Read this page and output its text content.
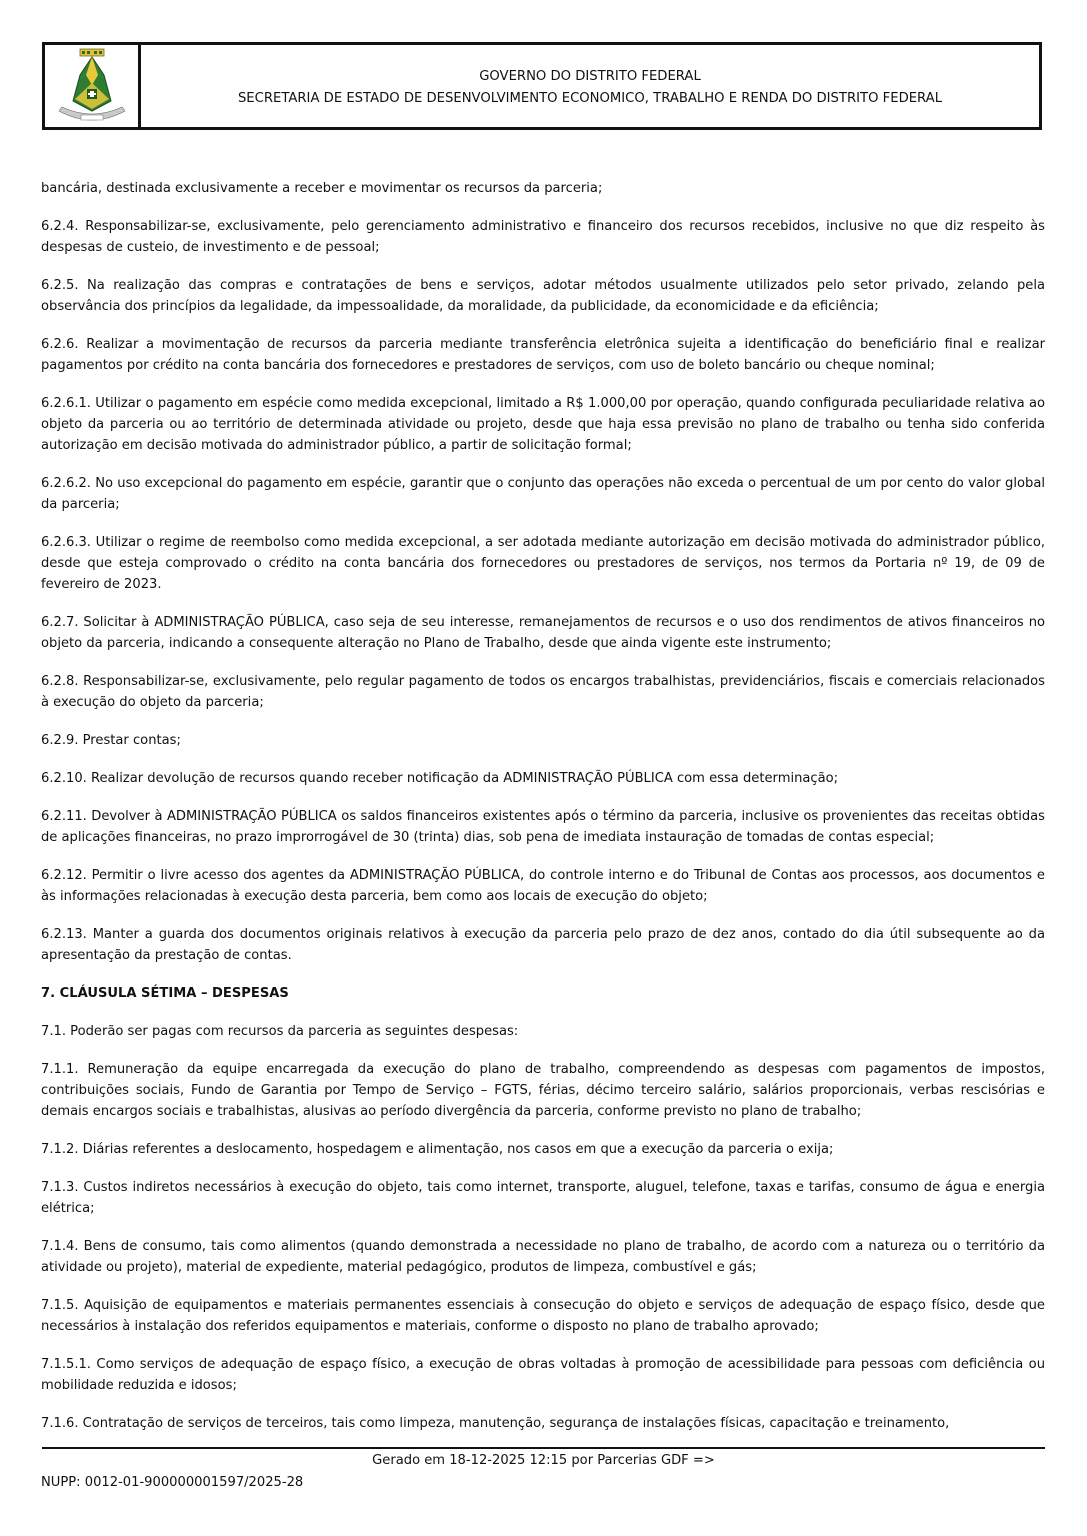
GOVERNO DO DISTRITO FEDERAL
SECRETARIA DE ESTADO DE DESENVOLVIMENTO ECONOMICO, TRABALHO E RENDA DO DISTRITO FEDERAL

bancária, destinada exclusivamente a receber e movimentar os recursos da parceria;

6.2.4. Responsabilizar-se, exclusivamente, pelo gerenciamento administrativo e financeiro dos recursos recebidos, inclusive no que diz respeito às despesas de custeio, de investimento e de pessoal;

6.2.5. Na realização das compras e contratações de bens e serviços, adotar métodos usualmente utilizados pelo setor privado, zelando pela observância dos princípios da legalidade, da impessoalidade, da moralidade, da publicidade, da economicidade e da eficiência;

6.2.6. Realizar a movimentação de recursos da parceria mediante transferência eletrônica sujeita a identificação do beneficiário final e realizar pagamentos por crédito na conta bancária dos fornecedores e prestadores de serviços, com uso de boleto bancário ou cheque nominal;

6.2.6.1. Utilizar o pagamento em espécie como medida excepcional, limitado a R$ 1.000,00 por operação, quando configurada peculiaridade relativa ao objeto da parceria ou ao território de determinada atividade ou projeto, desde que haja essa previsão no plano de trabalho ou tenha sido conferida autorização em decisão motivada do administrador público, a partir de solicitação formal;

6.2.6.2. No uso excepcional do pagamento em espécie, garantir que o conjunto das operações não exceda o percentual de um por cento do valor global da parceria;

6.2.6.3. Utilizar o regime de reembolso como medida excepcional, a ser adotada mediante autorização em decisão motivada do administrador público, desde que esteja comprovado o crédito na conta bancária dos fornecedores ou prestadores de serviços, nos termos da Portaria nº 19, de 09 de fevereiro de 2023.

6.2.7. Solicitar à ADMINISTRAÇÃO PÚBLICA, caso seja de seu interesse, remanejamentos de recursos e o uso dos rendimentos de ativos financeiros no objeto da parceria, indicando a consequente alteração no Plano de Trabalho, desde que ainda vigente este instrumento;

6.2.8. Responsabilizar-se, exclusivamente, pelo regular pagamento de todos os encargos trabalhistas, previdenciários, fiscais e comerciais relacionados à execução do objeto da parceria;

6.2.9. Prestar contas;

6.2.10. Realizar devolução de recursos quando receber notificação da ADMINISTRAÇÃO PÚBLICA com essa determinação;

6.2.11. Devolver à ADMINISTRAÇÃO PÚBLICA os saldos financeiros existentes após o término da parceria, inclusive os provenientes das receitas obtidas de aplicações financeiras, no prazo improrrogável de 30 (trinta) dias, sob pena de imediata instauração de tomadas de contas especial;

6.2.12. Permitir o livre acesso dos agentes da ADMINISTRAÇÃO PÚBLICA, do controle interno e do Tribunal de Contas aos processos, aos documentos e às informações relacionadas à execução desta parceria, bem como aos locais de execução do objeto;

6.2.13. Manter a guarda dos documentos originais relativos à execução da parceria pelo prazo de dez anos, contado do dia útil subsequente ao da apresentação da prestação de contas.

7. CLÁUSULA SÉTIMA – DESPESAS

7.1. Poderão ser pagas com recursos da parceria as seguintes despesas:

7.1.1. Remuneração da equipe encarregada da execução do plano de trabalho, compreendendo as despesas com pagamentos de impostos, contribuições sociais, Fundo de Garantia por Tempo de Serviço – FGTS, férias, décimo terceiro salário, salários proporcionais, verbas rescisórias e demais encargos sociais e trabalhistas, alusivas ao período divergência da parceria, conforme previsto no plano de trabalho;

7.1.2. Diárias referentes a deslocamento, hospedagem e alimentação, nos casos em que a execução da parceria o exija;

7.1.3. Custos indiretos necessários à execução do objeto, tais como internet, transporte, aluguel, telefone, taxas e tarifas, consumo de água e energia elétrica;

7.1.4. Bens de consumo, tais como alimentos (quando demonstrada a necessidade no plano de trabalho, de acordo com a natureza ou o território da atividade ou projeto), material de expediente, material pedagógico, produtos de limpeza, combustível e gás;

7.1.5. Aquisição de equipamentos e materiais permanentes essenciais à consecução do objeto e serviços de adequação de espaço físico, desde que necessários à instalação dos referidos equipamentos e materiais, conforme o disposto no plano de trabalho aprovado;

7.1.5.1. Como serviços de adequação de espaço físico, a execução de obras voltadas à promoção de acessibilidade para pessoas com deficiência ou mobilidade reduzida e idosos;

7.1.6. Contratação de serviços de terceiros, tais como limpeza, manutenção, segurança de instalações físicas, capacitação e treinamento,

Gerado em 18-12-2025 12:15 por Parcerias GDF =>
NUPP: 0012-01-900000001597/2025-28
